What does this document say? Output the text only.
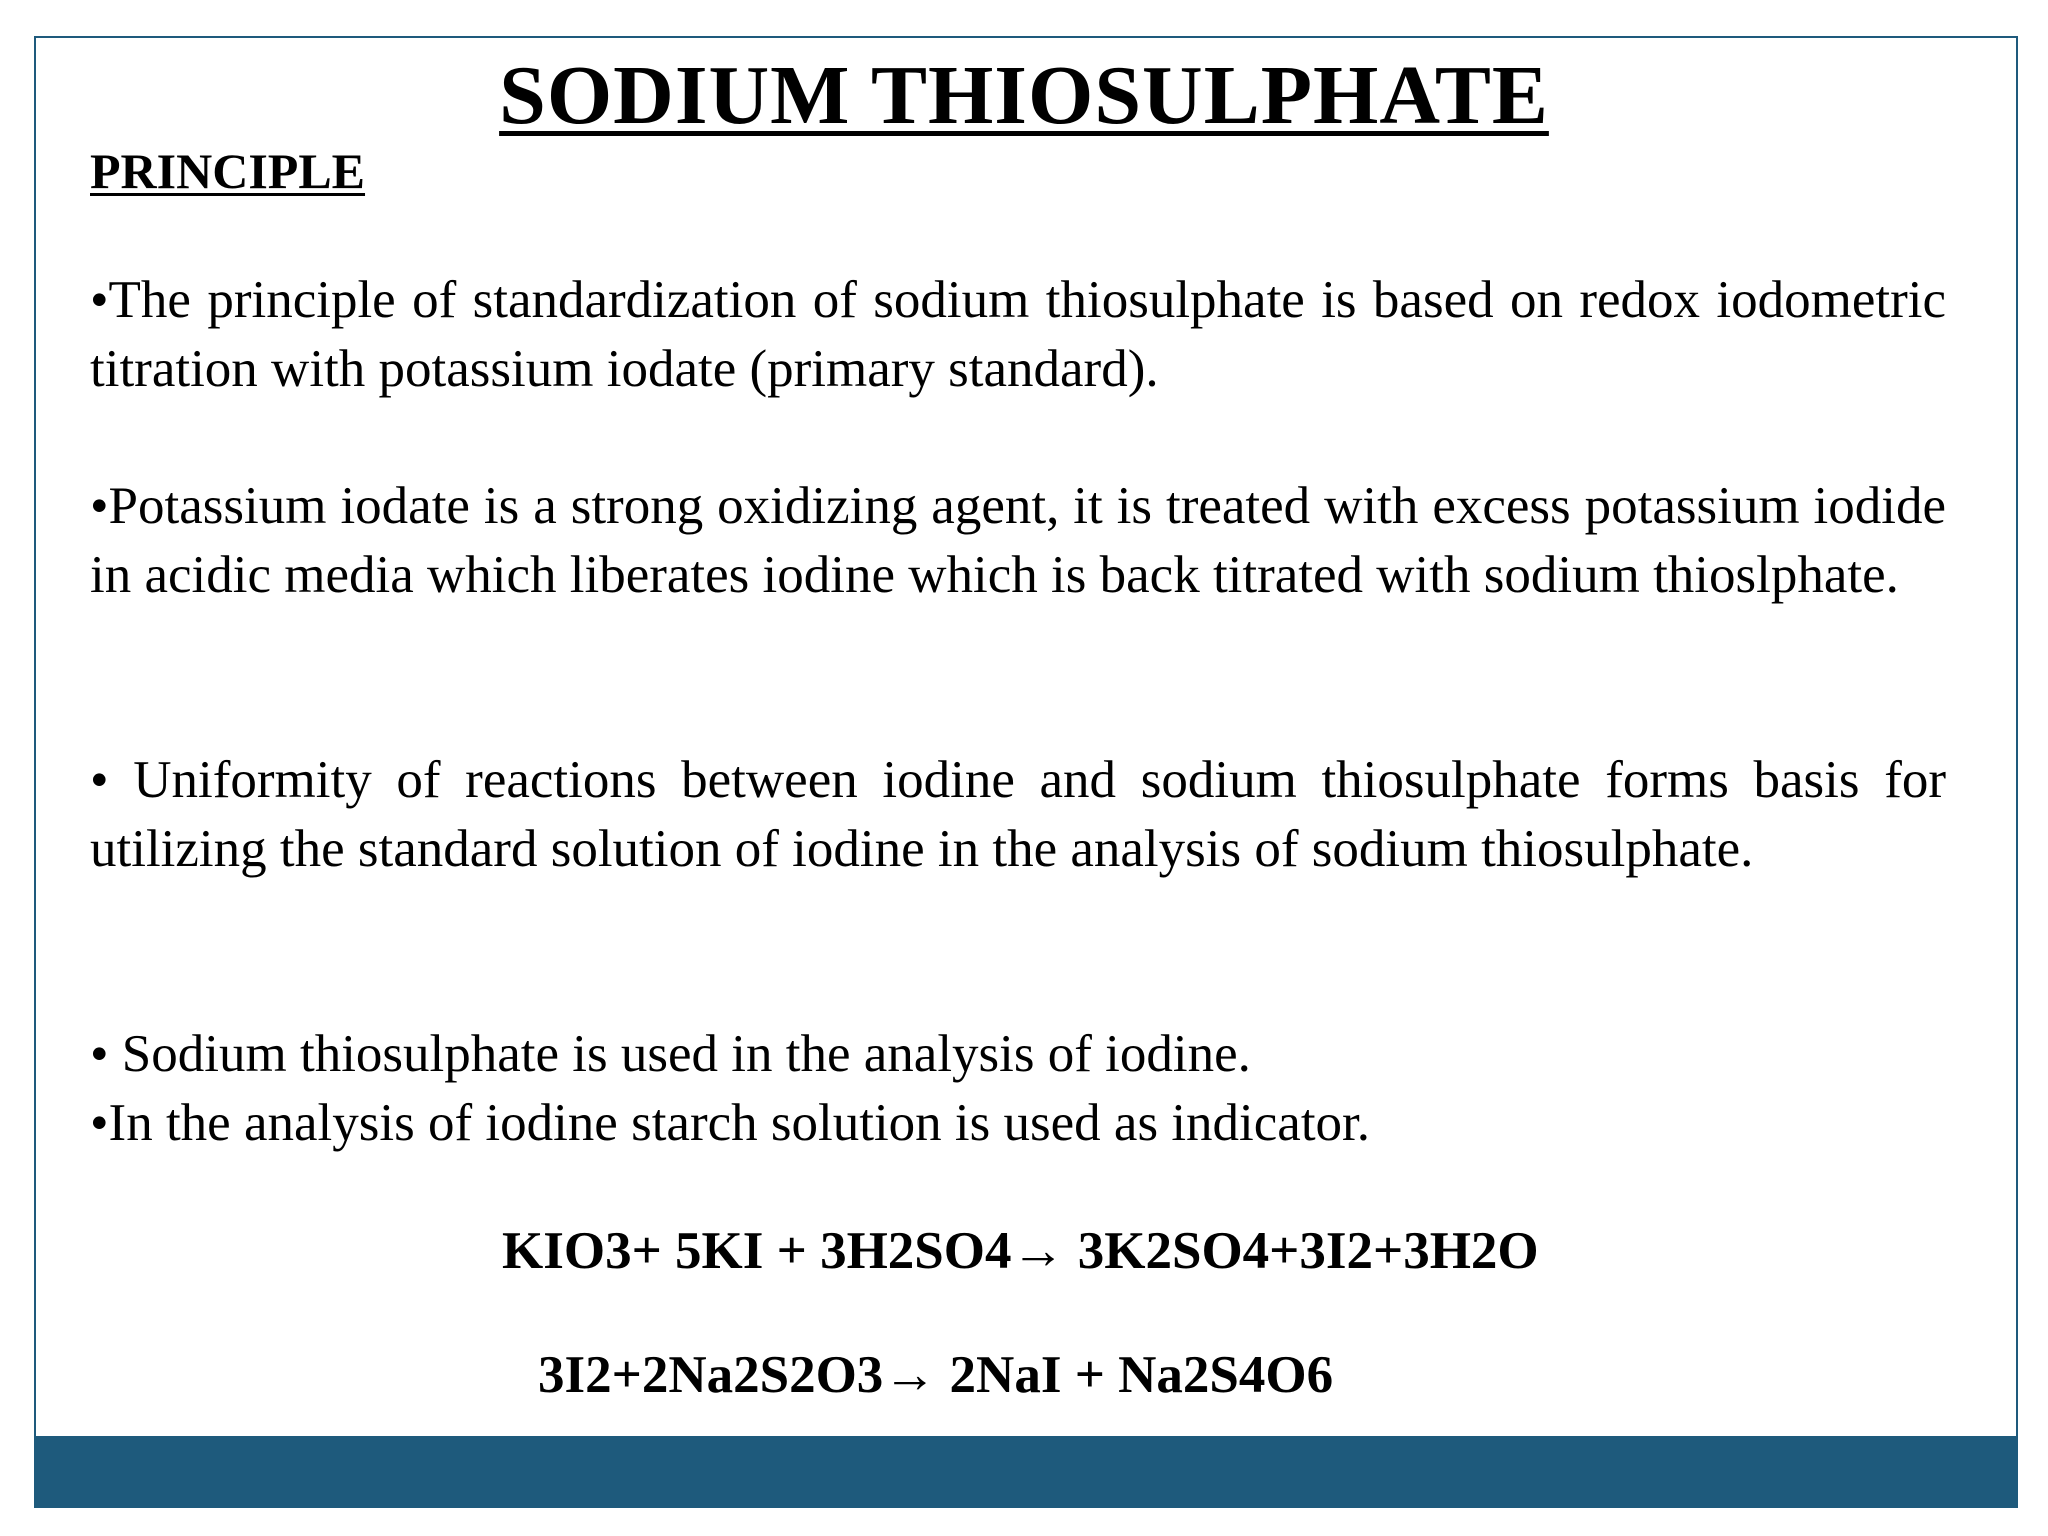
SODIUM THIOSULPHATE
PRINCIPLE

•The principle of standardization of sodium thiosulphate is based on redox iodometric titration with potassium iodate (primary standard).

•Potassium iodate is a strong oxidizing agent, it is treated with excess potassium iodide in acidic media which liberates iodine which is back titrated with sodium thioslphate.

• Uniformity of reactions between iodine and sodium thiosulphate forms basis for utilizing the standard solution of iodine in the analysis of sodium thiosulphate.

• Sodium thiosulphate is used in the analysis of iodine.

•In the analysis of iodine starch solution is used as indicator.

KIO3+ 5KI + 3H2SO4→ 3K2SO4+3I2+3H2O
3I2+2Na2S2O3→ 2NaI + Na2S4O6
